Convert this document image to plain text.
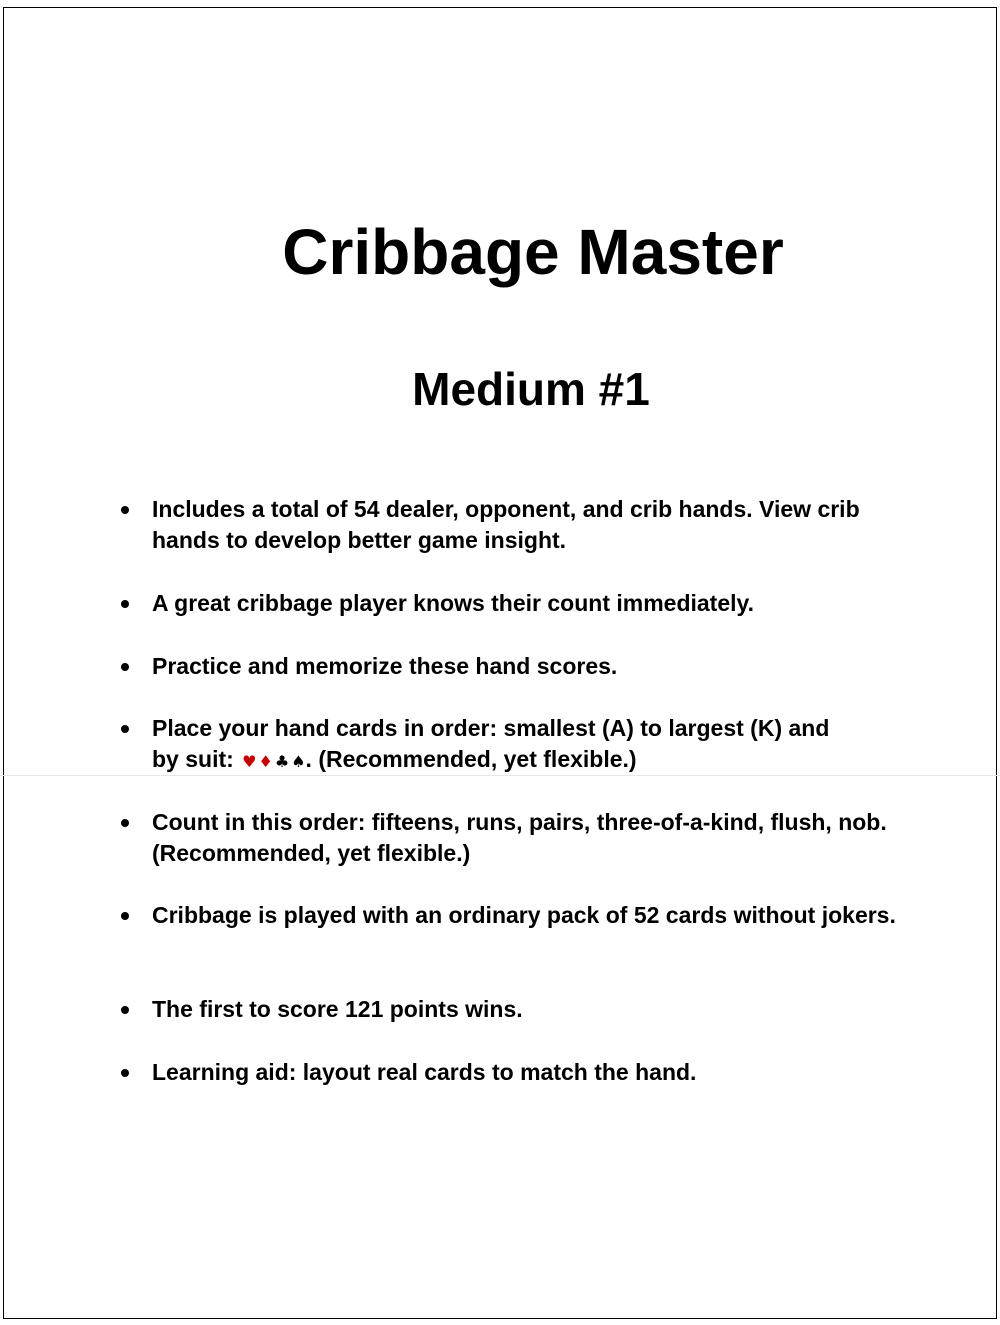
Cribbage Master
Medium #1
Includes a total of 54 dealer, opponent, and crib hands. View crib hands to develop better game insight.
A great cribbage player knows their count immediately.
Practice and memorize these hand scores.
Place your hand cards in order: smallest (A) to largest (K) and
by suit: ♥ ♦ ♣ ♠. (Recommended, yet flexible.)
Count in this order: fifteens, runs, pairs, three-of-a-kind, flush, nob. (Recommended, yet flexible.)
Cribbage is played with an ordinary pack of 52 cards without jokers.
The first to score 121 points wins.
Learning aid: layout real cards to match the hand.
